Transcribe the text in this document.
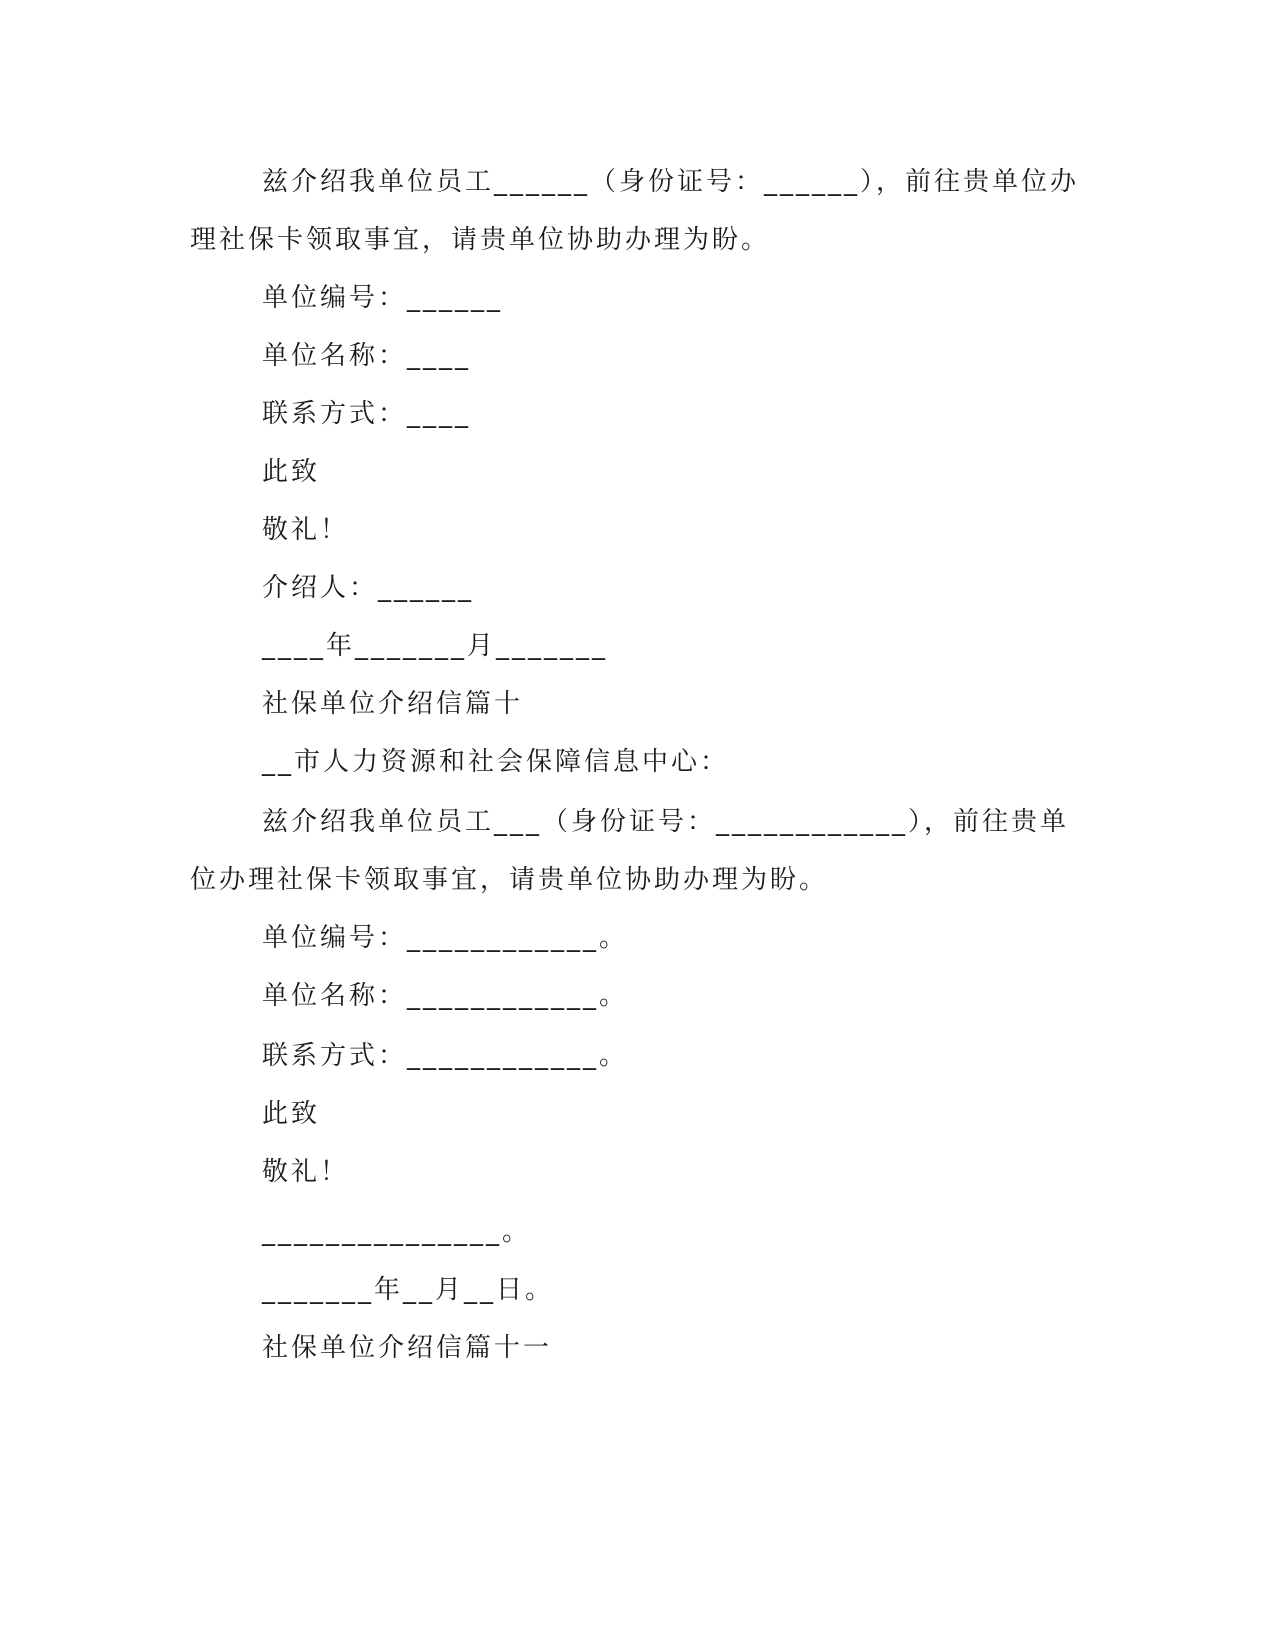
兹介绍我单位员工______（身份证号：______），前往贵单位办
理社保卡领取事宜，请贵单位协助办理为盼。
单位编号：______
单位名称：____
联系方式：____
此致
敬礼！
介绍人：______
____年_______月_______
社保单位介绍信篇十
__市人力资源和社会保障信息中心：
兹介绍我单位员工___（身份证号：____________），前往贵单
位办理社保卡领取事宜，请贵单位协助办理为盼。
单位编号：____________。
单位名称：____________。
联系方式：____________。
此致
敬礼！
_______________。
_______年__月__日。
社保单位介绍信篇十一
